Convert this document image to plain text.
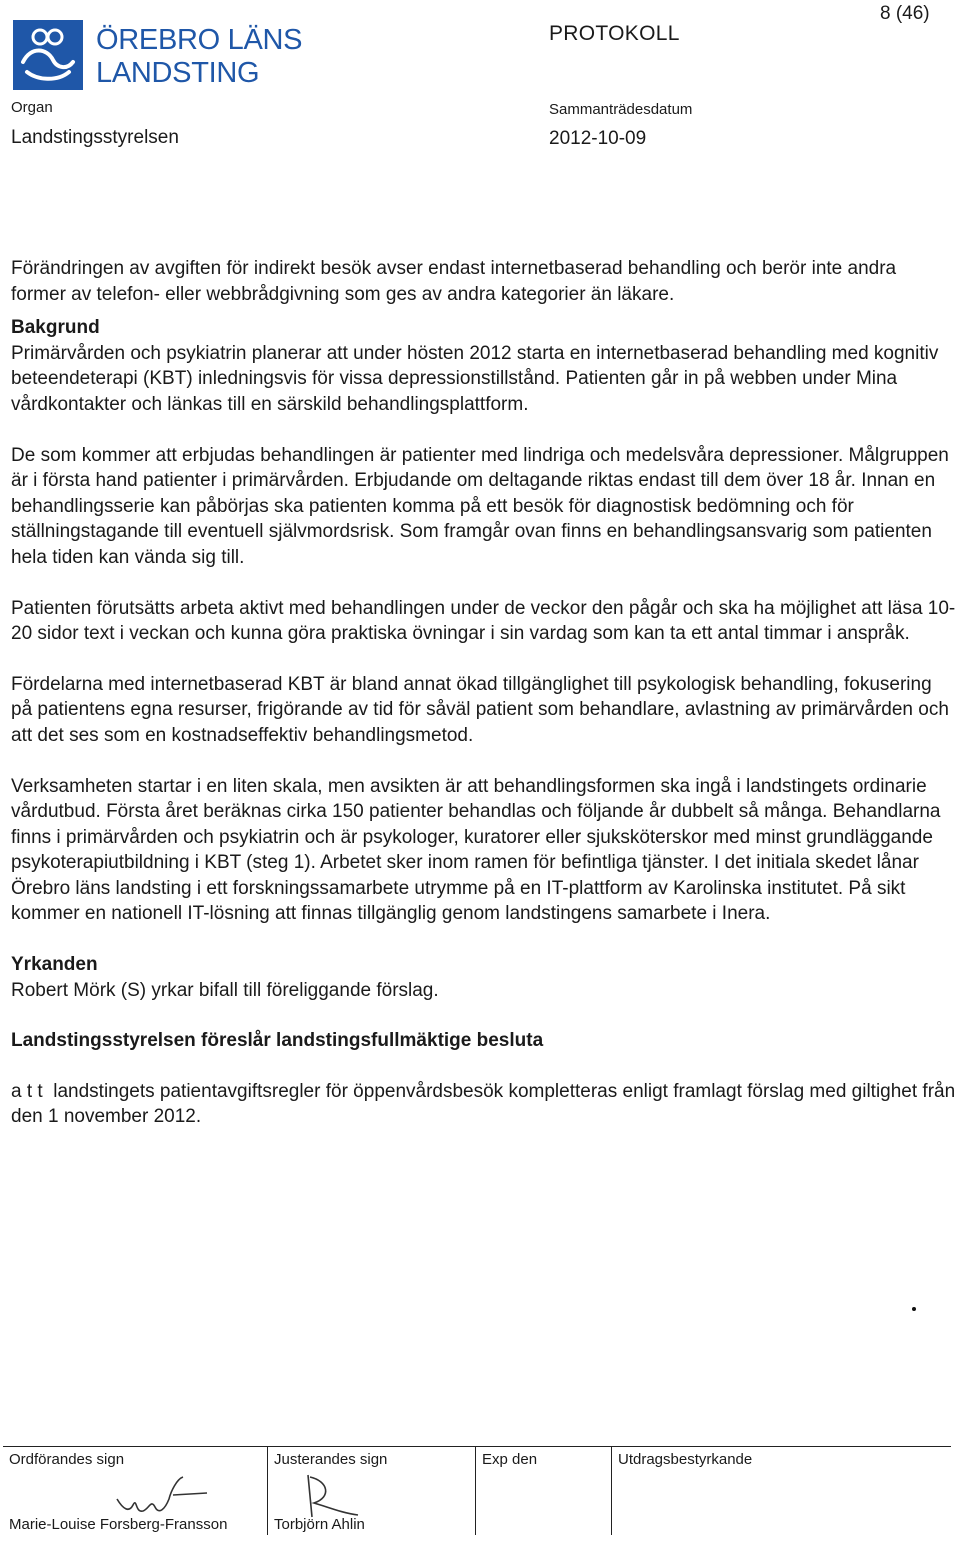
ÖREBRO LÄNS
LANDSTING
PROTOKOLL
8 (46)
Organ
Landstingsstyrelsen
Sammanträdesdatum
2012-10-09

Förändringen av avgiften för indirekt besök avser endast internetbaserad behandling och berör inte andra former av telefon- eller webbrådgivning som ges av andra kategorier än läkare.

Bakgrund

Primärvården och psykiatrin planerar att under hösten 2012 starta en internetbaserad behandling med kognitiv beteendeterapi (KBT) inledningsvis för vissa depressionstillstånd. Patienten går in på webben under Mina vårdkontakter och länkas till en särskild behandlingsplattform.

De som kommer att erbjudas behandlingen är patienter med lindriga och medelsvåra depressioner. Målgruppen är i första hand patienter i primärvården. Erbjudande om deltagande riktas endast till dem över 18 år. Innan en behandlingsserie kan påbörjas ska patienten komma på ett besök för diagnostisk bedömning och för ställningstagande till eventuell självmordsrisk. Som framgår ovan finns en behandlingsansvarig som patienten hela tiden kan vända sig till.

Patienten förutsätts arbeta aktivt med behandlingen under de veckor den pågår och ska ha möjlighet att läsa 10-20 sidor text i veckan och kunna göra praktiska övningar i sin vardag som kan ta ett antal timmar i anspråk.

Fördelarna med internetbaserad KBT är bland annat ökad tillgänglighet till psykologisk behandling, fokusering på patientens egna resurser, frigörande av tid för såväl patient som behandlare, avlastning av primärvården och att det ses som en kostnadseffektiv behandlingsmetod.

Verksamheten startar i en liten skala, men avsikten är att behandlingsformen ska ingå i landstingets ordinarie vårdutbud. Första året beräknas cirka 150 patienter behandlas och följande år dubbelt så många. Behandlarna finns i primärvården och psykiatrin och är psykologer, kuratorer eller sjuksköterskor med minst grundläggande psykoterapiutbildning i KBT (steg 1). Arbetet sker inom ramen för befintliga tjänster. I det initiala skedet lånar Örebro läns landsting i ett forskningssamarbete utrymme på en IT-plattform av Karolinska institutet. På sikt kommer en nationell IT-lösning att finnas tillgänglig genom landstingens samarbete i Inera.

Yrkanden

Robert Mörk (S) yrkar bifall till föreliggande förslag.

Landstingsstyrelsen föreslår landstingsfullmäktige besluta

a t t  landstingets patientavgiftsregler för öppenvårdsbesök kompletteras enligt framlagt förslag med giltighet från den 1 november 2012.

Ordförandes sign
Marie-Louise Forsberg-Fransson
Justerandes sign
Torbjörn Ahlin
Exp den	Utdragsbestyrkande
